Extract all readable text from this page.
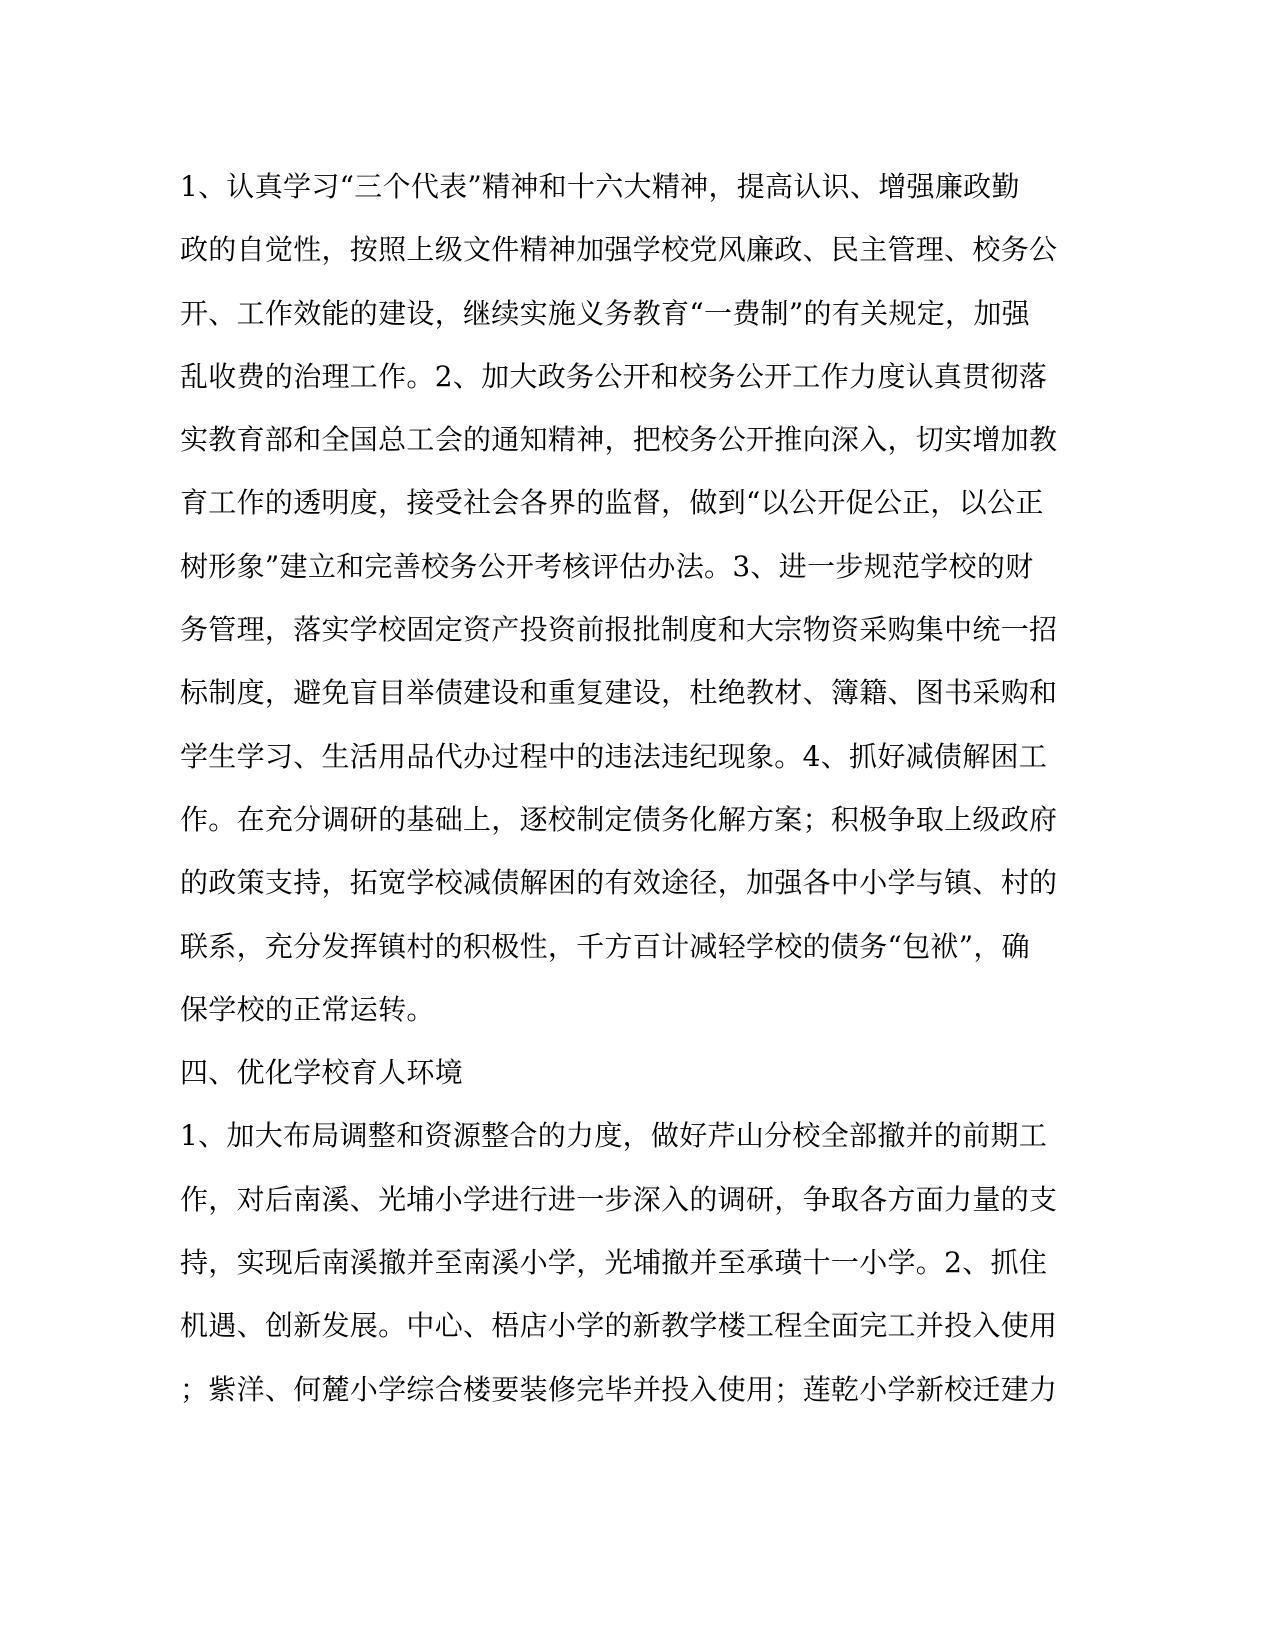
1、认真学习“三个代表”精神和十六大精神，提高认识、增强廉政勤
政的自觉性，按照上级文件精神加强学校党风廉政、民主管理、校务公
开、工作效能的建设，继续实施义务教育“一费制”的有关规定，加强
乱收费的治理工作。2、加大政务公开和校务公开工作力度认真贯彻落
实教育部和全国总工会的通知精神，把校务公开推向深入，切实增加教
育工作的透明度，接受社会各界的监督，做到“以公开促公正，以公正
树形象”建立和完善校务公开考核评估办法。3、进一步规范学校的财
务管理，落实学校固定资产投资前报批制度和大宗物资采购集中统一招
标制度，避免盲目举债建设和重复建设，杜绝教材、簿籍、图书采购和
学生学习、生活用品代办过程中的违法违纪现象。4、抓好减债解困工
作。在充分调研的基础上，逐校制定债务化解方案；积极争取上级政府
的政策支持，拓宽学校减债解困的有效途径，加强各中小学与镇、村的
联系，充分发挥镇村的积极性，千方百计减轻学校的债务“包袱”，确
保学校的正常运转。
四、优化学校育人环境
1、加大布局调整和资源整合的力度，做好芹山分校全部撤并的前期工
作，对后南溪、光埔小学进行进一步深入的调研，争取各方面力量的支
持，实现后南溪撤并至南溪小学，光埔撤并至承璜十一小学。2、抓住
机遇、创新发展。中心、梧店小学的新教学楼工程全面完工并投入使用
；紫洋、何麓小学综合楼要装修完毕并投入使用；莲乾小学新校迁建力
